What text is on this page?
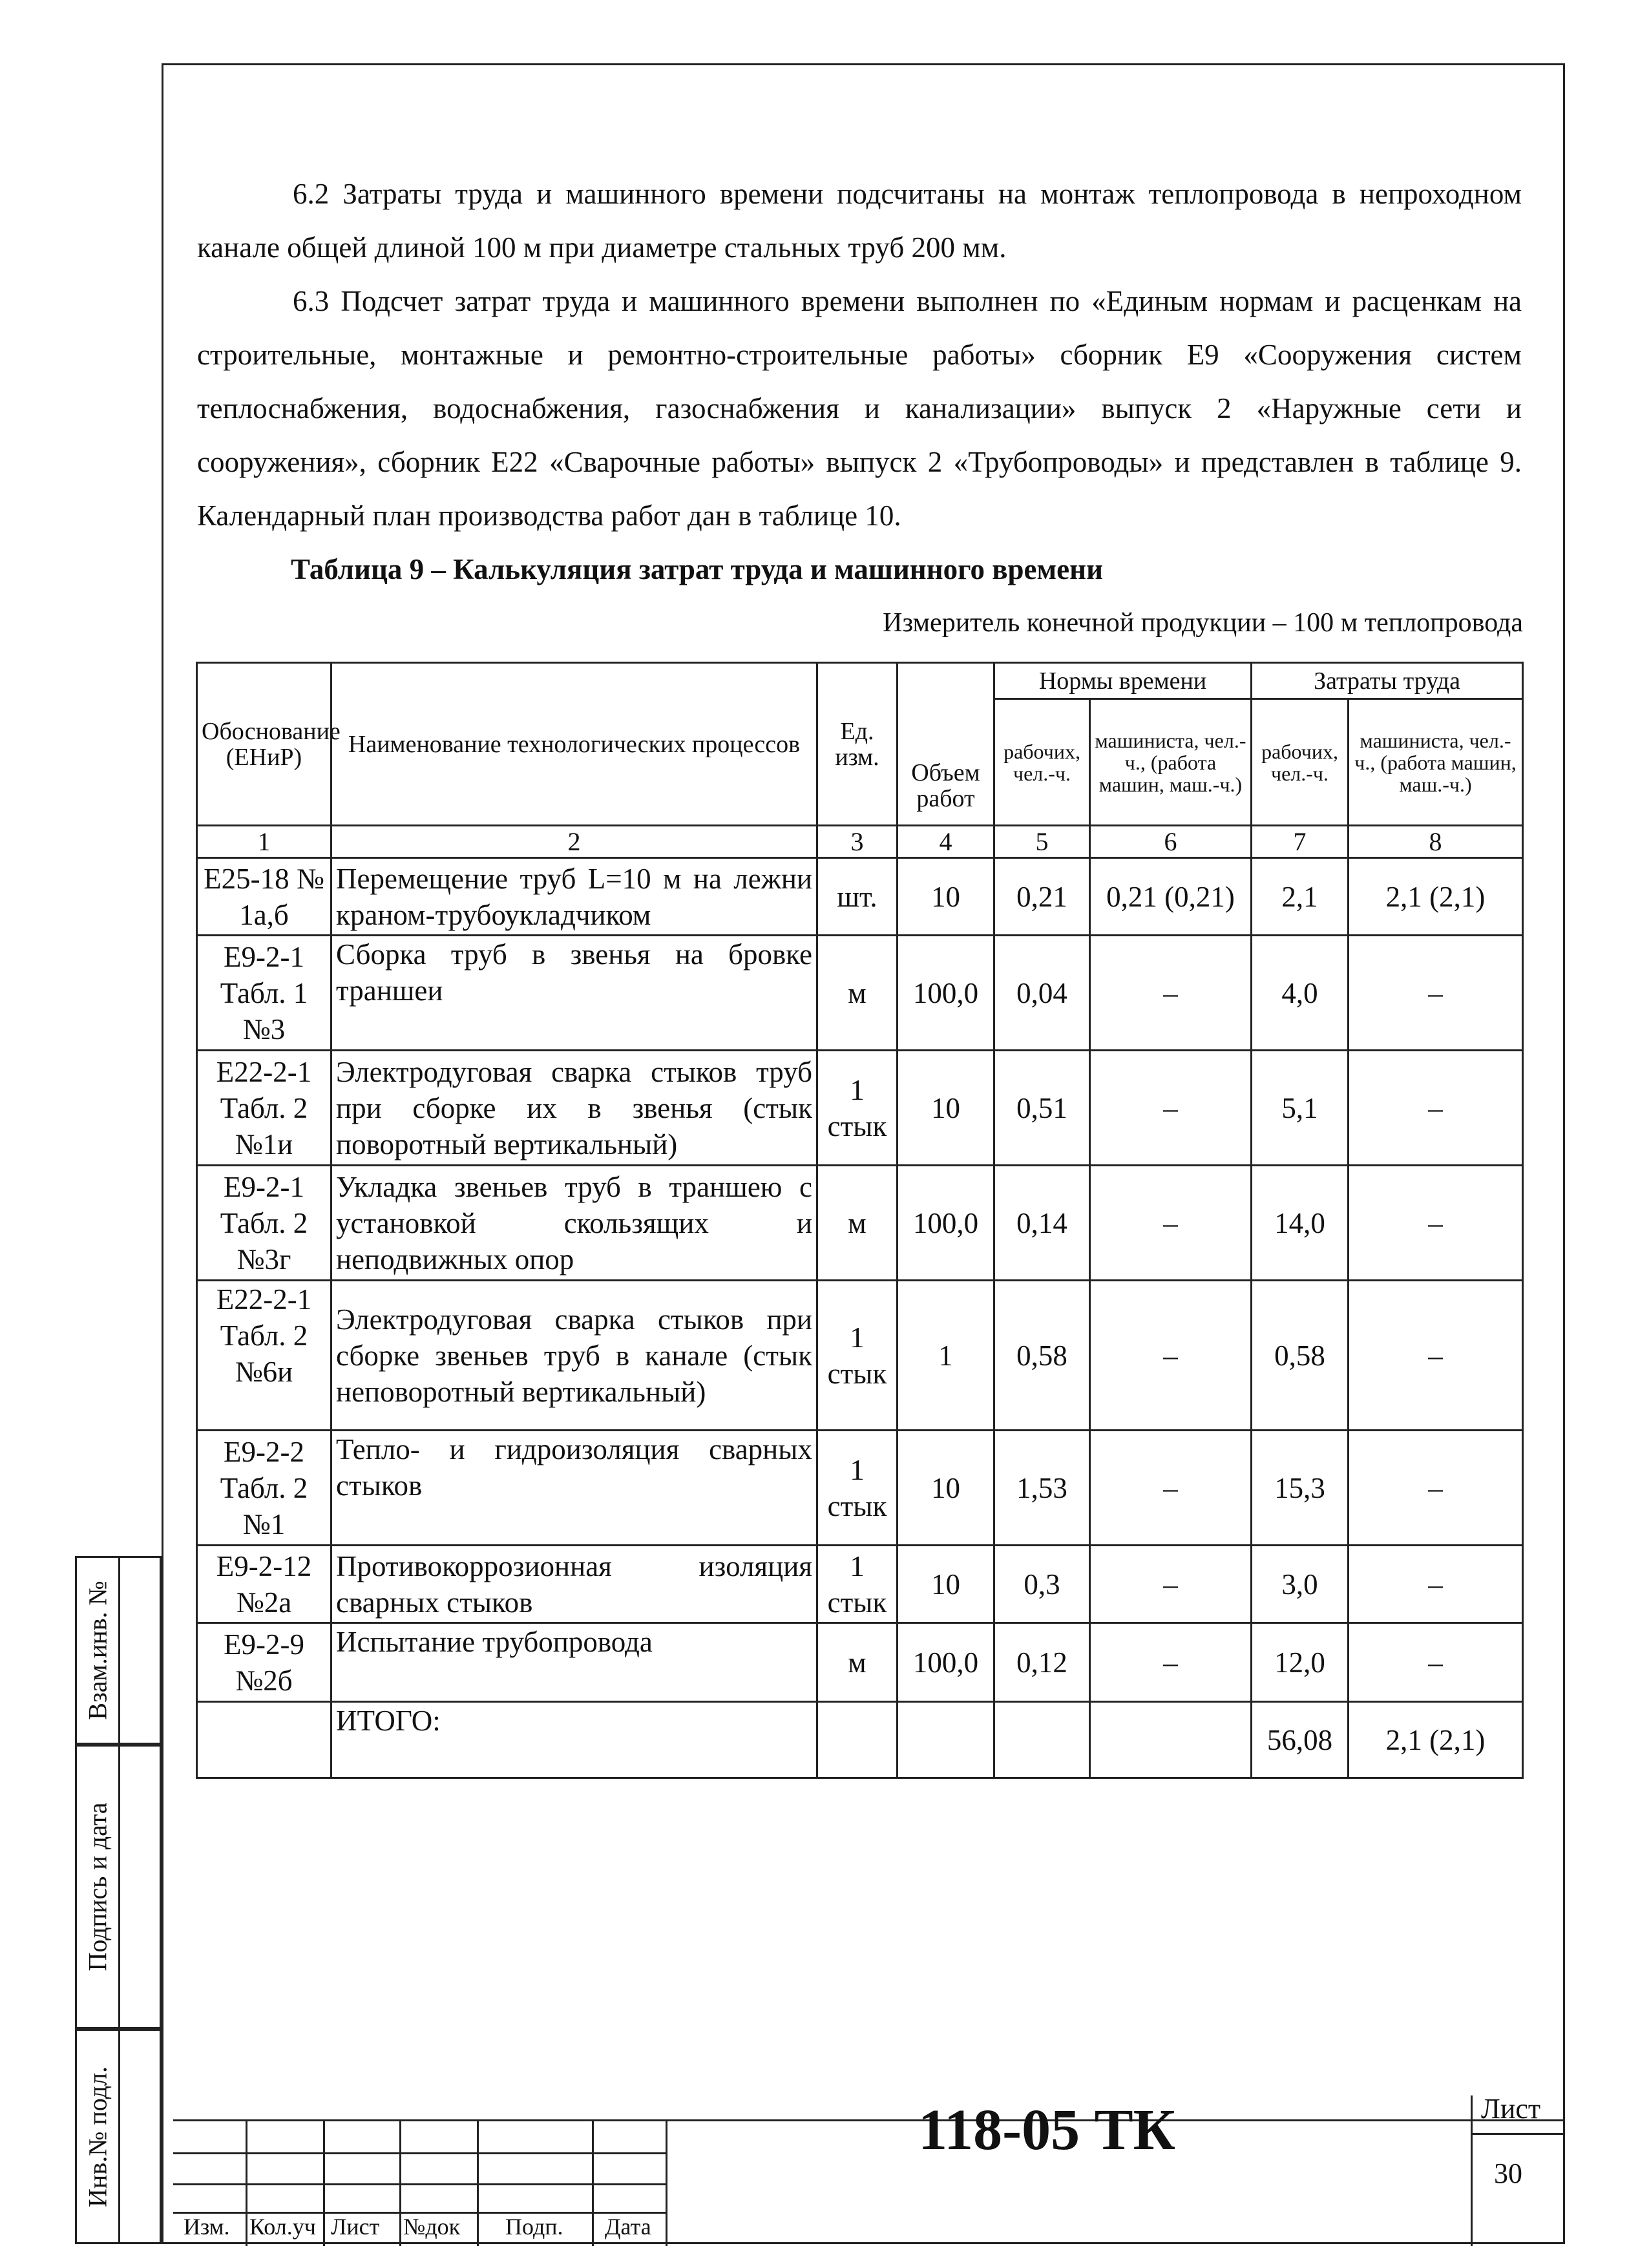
6.2 Затраты труда и машинного времени подсчитаны на монтаж теплопровода в непроходном канале общей длиной 100 м при диаметре стальных труб 200 мм.

6.3 Подсчет затрат труда и машинного времени выполнен по «Единым нормам и расценкам на строительные, монтажные и ремонтно-строительные работы» сборник Е9 «Сооружения систем теплоснабжения, водоснабжения, газоснабжения и канализации» выпуск 2 «Наружные сети и сооружения», сборник Е22 «Сварочные работы» выпуск 2 «Трубопроводы» и представлен в таблице 9. Календарный план производства работ дан в таблице 10.

Таблица 9 – Калькуляция затрат труда и машинного времени
Измеритель конечной продукции – 100 м теплопровода
Обоснование (ЕНиР)	Наименование технологических процессов	Ед. изм.	Объем работ	Нормы времени		Затраты труда	
				рабочих, чел.-ч.	машиниста, чел.-ч., (работа машин, маш.-ч.)	рабочих, чел.-ч.	машиниста, чел.-ч., (работа машин, маш.-ч.)
1	2	3	4	5	6	7	8
Е25-18 № 1а,б	Перемещение труб L=10 м на лежни краном-трубоукладчиком	шт.	10	0,21	0,21 (0,21)	2,1	2,1 (2,1)
Е9-2-1 Табл. 1 №3	Сборка труб в звенья на бровке траншеи	м	100,0	0,04	–	4,0	–
Е22-2-1 Табл. 2 №1и	Электродуговая сварка стыков труб при сборке их в звенья (стык поворотный вертикальный)	1 стык	10	0,51	–	5,1	–
Е9-2-1 Табл. 2 №3г	Укладка звеньев труб в траншею с установкой скользящих и неподвижных опор	м	100,0	0,14	–	14,0	–
Е22-2-1 Табл. 2 №6и	Электродуговая сварка стыков при сборке звеньев труб в канале (стык неповоротный вертикальный)	1 стык	1	0,58	–	0,58	–
Е9-2-2 Табл. 2 №1	Тепло- и гидроизоляция сварных стыков	1 стык	10	1,53	–	15,3	–
Е9-2-12 №2а	Противокоррозионная изоляция сварных стыков	1 стык	10	0,3	–	3,0	–
Е9-2-9 №2б	Испытание трубопровода	м	100,0	0,12	–	12,0	–
	ИТОГО:					56,08	2,1 (2,1)
Взам.инв. №
Подпись и дата
Инв.№ подл.
Изм. Кол.уч Лист №док Подп. Дата
118-05 ТК	Лист
30
